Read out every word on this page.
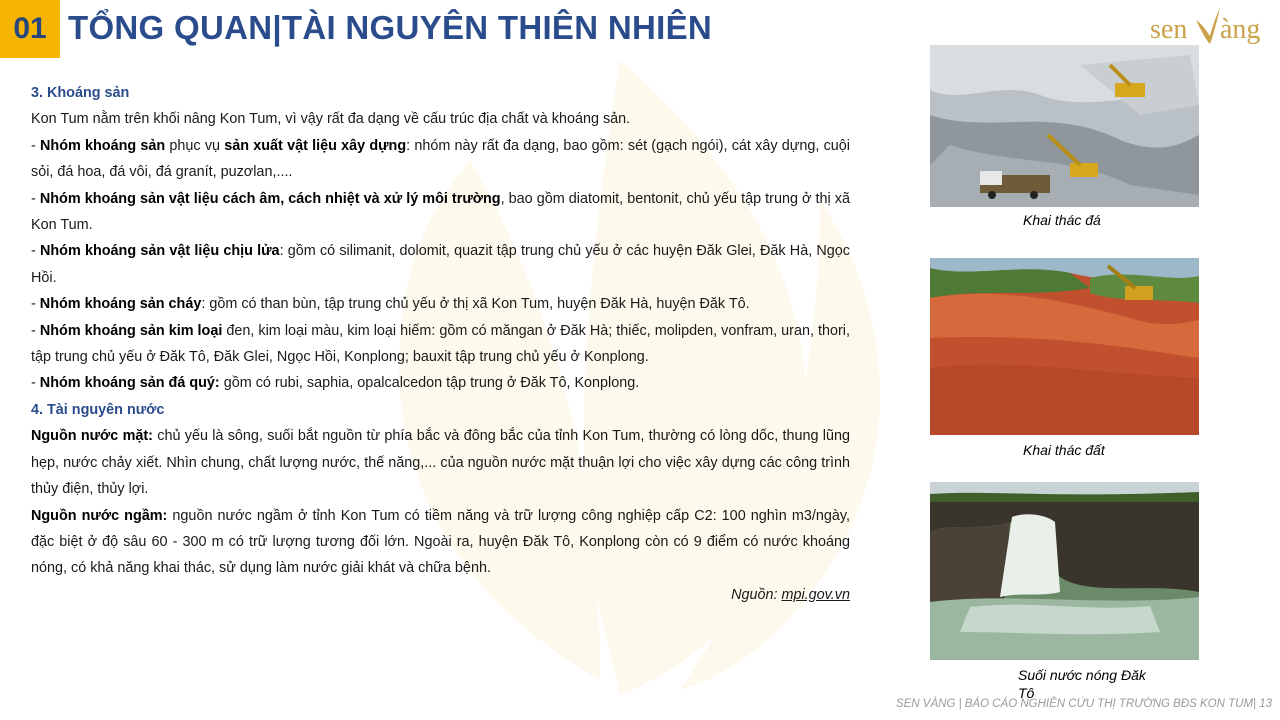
01 TỔNG QUAN|TÀI NGUYÊN THIÊN NHIÊN	sen àng

3. Khoáng sản

Kon Tum nằm trên khối nâng Kon Tum, vì vậy rất đa dạng về cấu trúc địa chất và khoáng sản.

- Nhóm khoáng sản phục vụ sản xuất vật liệu xây dựng: nhóm này rất đa dạng, bao gồm: sét (gạch ngói), cát xây dựng, cuội sỏi, đá hoa, đá vôi, đá granít, puzơlan,....

- Nhóm khoáng sản vật liệu cách âm, cách nhiệt và xử lý môi trường, bao gồm diatomit, bentonit, chủ yếu tập trung ở thị xã Kon Tum.

- Nhóm khoáng sản vật liệu chịu lửa: gồm có silimanit, dolomit, quazit tập trung chủ yếu ở các huyện Đăk Glei, Đăk Hà, Ngọc Hồi.

- Nhóm khoáng sản cháy: gồm có than bùn, tập trung chủ yếu ở thị xã Kon Tum, huyện Đăk Hà, huyện Đăk Tô.

- Nhóm khoáng sản kim loại đen, kim loại màu, kim loại hiếm: gồm có măngan ở Đăk Hà; thiếc, molipden, vonfram, uran, thori, tập trung chủ yếu ở Đăk Tô, Đăk Glei, Ngọc Hồi, Konplong; bauxit tập trung chủ yếu ở Konplong.

- Nhóm khoáng sản đá quý: gồm có rubi, saphia, opalcalcedon tập trung ở Đăk Tô, Konplong.

4. Tài nguyên nước

Nguồn nước mặt: chủ yếu là sông, suối bắt nguồn từ phía bắc và đông bắc của tỉnh Kon Tum, thường có lòng dốc, thung lũng hẹp, nước chảy xiết. Nhìn chung, chất lượng nước, thế năng,... của nguồn nước mặt thuận lợi cho việc xây dựng các công trình thủy điện, thủy lợi.

Nguồn nước ngầm: nguồn nước ngầm ở tỉnh Kon Tum có tiềm năng và trữ lượng công nghiệp cấp C2: 100 nghìn m3/ngày, đặc biệt ở độ sâu 60 - 300 m có trữ lượng tương đối lớn. Ngoài ra, huyện Đăk Tô, Konplong còn có 9 điểm có nước khoáng nóng, có khả năng khai thác, sử dụng làm nước giải khát và chữa bệnh.

Nguồn: mpi.gov.vn

Khai thác đá
Khai thác đất
Suối nước nóng Đăk Tô
SEN VÀNG | BÁO CÁO NGHIÊN CỨU THỊ TRƯỜNG BĐS KON TUM| 13
